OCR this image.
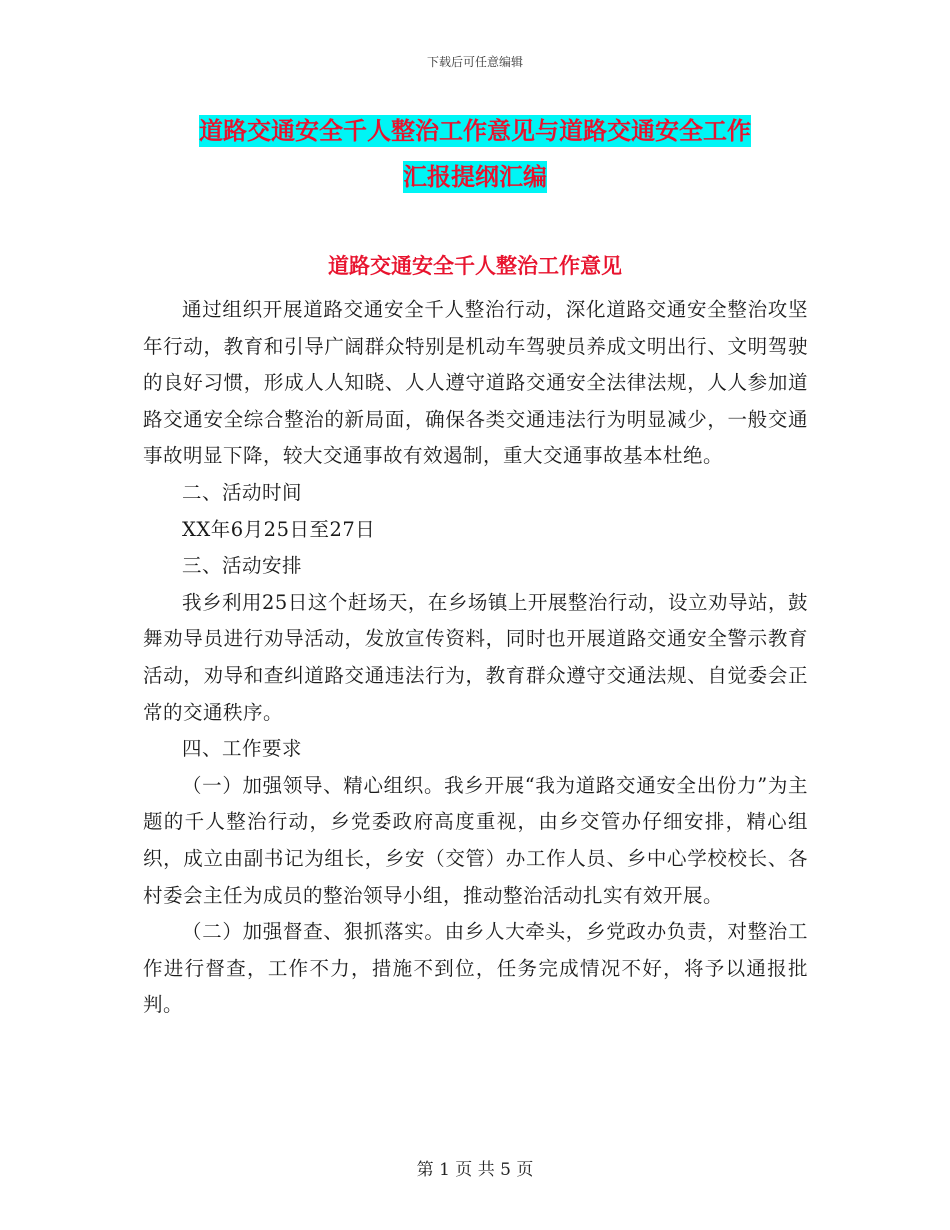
下载后可任意编辑
道路交通安全千人整治工作意见与道路交通安全工作
汇报提纲汇编
道路交通安全千人整治工作意见

通过组织开展道路交通安全千人整治行动，深化道路交通安全整治攻坚年行动，教育和引导广阔群众特别是机动车驾驶员养成文明出行、文明驾驶的良好习惯，形成人人知晓、人人遵守道路交通安全法律法规，人人参加道路交通安全综合整治的新局面，确保各类交通违法行为明显减少，一般交通事故明显下降，较大交通事故有效遏制，重大交通事故基本杜绝。

二、活动时间

XX年6月25日至27日

三、活动安排

我乡利用25日这个赶场天，在乡场镇上开展整治行动，设立劝导站，鼓舞劝导员进行劝导活动，发放宣传资料，同时也开展道路交通安全警示教育活动，劝导和查纠道路交通违法行为，教育群众遵守交通法规、自觉委会正常的交通秩序。

四、工作要求

（一）加强领导、精心组织。我乡开展“我为道路交通安全出份力”为主题的千人整治行动，乡党委政府高度重视，由乡交管办仔细安排，精心组织，成立由副书记为组长，乡安（交管）办工作人员、乡中心学校校长、各村委会主任为成员的整治领导小组，推动整治活动扎实有效开展。

（二）加强督查、狠抓落实。由乡人大牵头，乡党政办负责，对整治工作进行督查，工作不力，措施不到位，任务完成情况不好，将予以通报批判。

第 1 页 共 5 页
